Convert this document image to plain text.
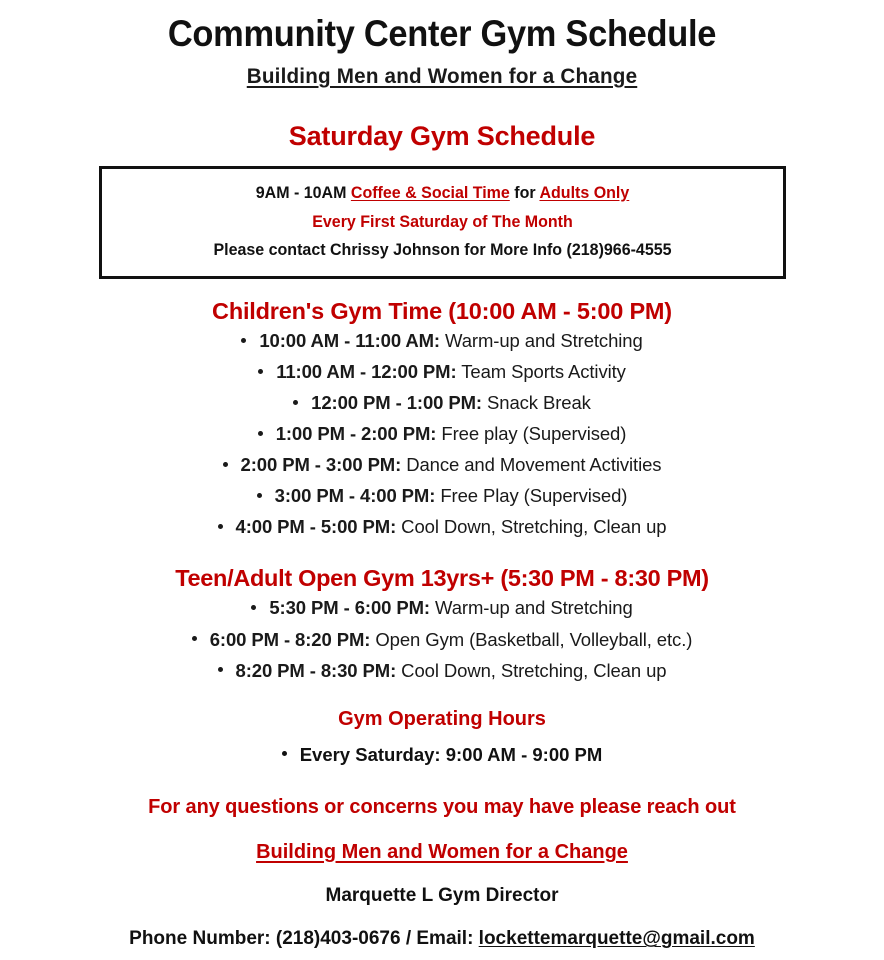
Community Center Gym Schedule
Building Men and Women for a Change
Saturday Gym Schedule
9AM - 10AM Coffee & Social Time for Adults Only
Every First Saturday of The Month
Please contact Chrissy Johnson for More Info (218)966-4555
Children's Gym Time (10:00 AM - 5:00 PM)
10:00 AM - 11:00 AM: Warm-up and Stretching
11:00 AM - 12:00 PM: Team Sports Activity
12:00 PM - 1:00 PM: Snack Break
1:00 PM - 2:00 PM: Free play (Supervised)
2:00 PM - 3:00 PM: Dance and Movement Activities
3:00 PM - 4:00 PM: Free Play (Supervised)
4:00 PM - 5:00 PM: Cool Down, Stretching, Clean up
Teen/Adult Open Gym 13yrs+ (5:30 PM - 8:30 PM)
5:30 PM - 6:00 PM: Warm-up and Stretching
6:00 PM - 8:20 PM: Open Gym (Basketball, Volleyball, etc.)
8:20 PM - 8:30 PM: Cool Down, Stretching, Clean up
Gym Operating Hours
Every Saturday: 9:00 AM - 9:00 PM
For any questions or concerns you may have please reach out
Building Men and Women for a Change
Marquette L Gym Director
Phone Number: (218)403-0676 / Email: lockettemarquette@gmail.com
